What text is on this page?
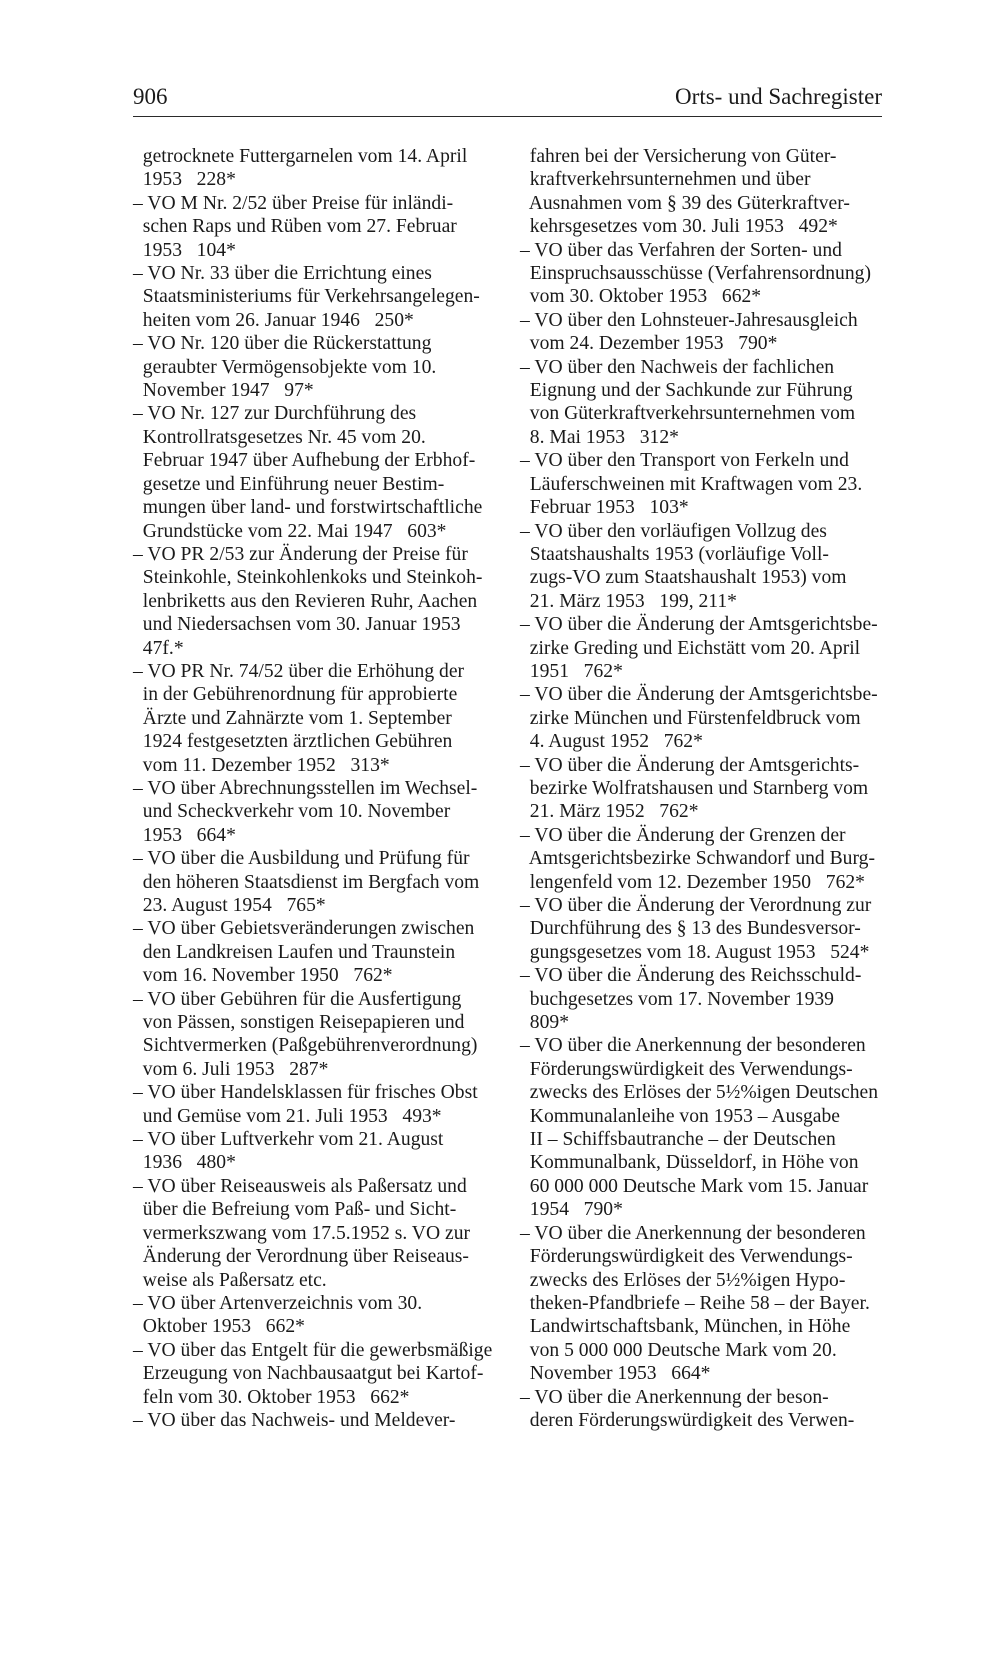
906	Orts- und Sachregister
getrocknete Futtergarnelen vom 14. April
1953   228*
– VO M Nr. 2/52 über Preise für inländi-
schen Raps und Rüben vom 27. Februar
1953   104*
– VO Nr. 33 über die Errichtung eines
Staatsministeriums für Verkehrsangelegen-
heiten vom 26. Januar 1946   250*
– VO Nr. 120 über die Rückerstattung
geraubter Vermögensobjekte vom 10.
November 1947   97*
– VO Nr. 127 zur Durchführung des
Kontrollratsgesetzes Nr. 45 vom 20.
Februar 1947 über Aufhebung der Erbhof-
gesetze und Einführung neuer Bestim-
mungen über land- und forstwirtschaftliche
Grundstücke vom 22. Mai 1947   603*
– VO PR 2/53 zur Änderung der Preise für
Steinkohle, Steinkohlenkoks und Steinkoh-
lenbriketts aus den Revieren Ruhr, Aachen
und Niedersachsen vom 30. Januar 1953
47f.*
– VO PR Nr. 74/52 über die Erhöhung der
in der Gebührenordnung für approbierte
Ärzte und Zahnärzte vom 1. September
1924 festgesetzten ärztlichen Gebühren
vom 11. Dezember 1952   313*
– VO über Abrechnungsstellen im Wechsel-
und Scheckverkehr vom 10. November
1953   664*
– VO über die Ausbildung und Prüfung für
den höheren Staatsdienst im Bergfach vom
23. August 1954   765*
– VO über Gebietsveränderungen zwischen
den Landkreisen Laufen und Traunstein
vom 16. November 1950   762*
– VO über Gebühren für die Ausfertigung
von Pässen, sonstigen Reisepapieren und
Sichtvermerken (Paßgebührenverordnung)
vom 6. Juli 1953   287*
– VO über Handelsklassen für frisches Obst
und Gemüse vom 21. Juli 1953   493*
– VO über Luftverkehr vom 21. August
1936   480*
– VO über Reiseausweis als Paßersatz und
über die Befreiung vom Paß- und Sicht-
vermerkszwang vom 17.5.1952 s. VO zur
Änderung der Verordnung über Reiseaus-
weise als Paßersatz etc.
– VO über Artenverzeichnis vom 30.
Oktober 1953   662*
– VO über das Entgelt für die gewerbsmäßige
Erzeugung von Nachbausaatgut bei Kartof-
feln vom 30. Oktober 1953   662*
– VO über das Nachweis- und Meldever-
fahren bei der Versicherung von Güter-
kraftverkehrsunternehmen und über
Ausnahmen vom § 39 des Güterkraftver-
kehrsgesetzes vom 30. Juli 1953   492*
– VO über das Verfahren der Sorten- und
Einspruchsausschüsse (Verfahrensordnung)
vom 30. Oktober 1953   662*
– VO über den Lohnsteuer-Jahresausgleich
vom 24. Dezember 1953   790*
– VO über den Nachweis der fachlichen
Eignung und der Sachkunde zur Führung
von Güterkraftverkehrsunternehmen vom
8. Mai 1953   312*
– VO über den Transport von Ferkeln und
Läuferschweinen mit Kraftwagen vom 23.
Februar 1953   103*
– VO über den vorläufigen Vollzug des
Staatshaushalts 1953 (vorläufige Voll-
zugs-VO zum Staatshaushalt 1953) vom
21. März 1953   199, 211*
– VO über die Änderung der Amtsgerichtsbe-
zirke Greding und Eichstätt vom 20. April
1951   762*
– VO über die Änderung der Amtsgerichtsbe-
zirke München und Fürstenfeldbruck vom
4. August 1952   762*
– VO über die Änderung der Amtsgerichts-
bezirke Wolfratshausen und Starnberg vom
21. März 1952   762*
– VO über die Änderung der Grenzen der
Amtsgerichtsbezirke Schwandorf und Burg-
lengenfeld vom 12. Dezember 1950   762*
– VO über die Änderung der Verordnung zur
Durchführung des § 13 des Bundesversor-
gungsgesetzes vom 18. August 1953   524*
– VO über die Änderung des Reichsschuld-
buchgesetzes vom 17. November 1939
809*
– VO über die Anerkennung der besonderen
Förderungswürdigkeit des Verwendungs-
zwecks des Erlöses der 5½%igen Deutschen
Kommunalanleihe von 1953 – Ausgabe
II – Schiffsbautranche – der Deutschen
Kommunalbank, Düsseldorf, in Höhe von
60 000 000 Deutsche Mark vom 15. Januar
1954   790*
– VO über die Anerkennung der besonderen
Förderungswürdigkeit des Verwendungs-
zwecks des Erlöses der 5½%igen Hypo-
theken-Pfandbriefe – Reihe 58 – der Bayer.
Landwirtschaftsbank, München, in Höhe
von 5 000 000 Deutsche Mark vom 20.
November 1953   664*
– VO über die Anerkennung der beson-
deren Förderungswürdigkeit des Verwen-
